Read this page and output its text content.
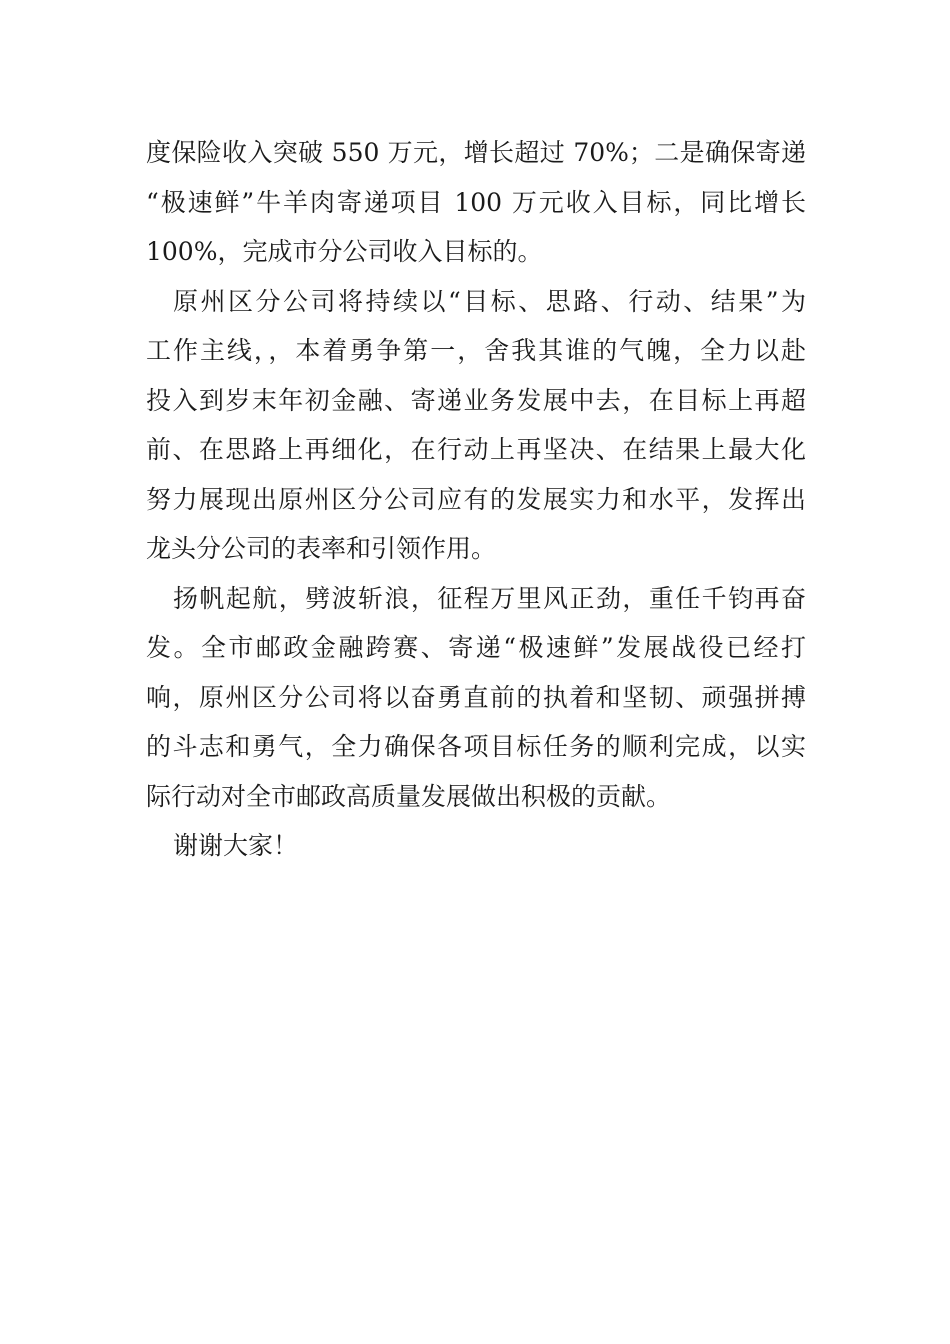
度保险收入突破 550 万元，增长超过 70%；二是确保寄递
“极速鲜”牛羊肉寄递项目 100 万元收入目标，同比增长
100%，完成市分公司收入目标的。
原州区分公司将持续以“目标、思路、行动、结果”为
工作主线，，本着勇争第一，舍我其谁的气魄，全力以赴
投入到岁末年初金融、寄递业务发展中去，在目标上再超
前、在思路上再细化，在行动上再坚决、在结果上最大化
努力展现出原州区分公司应有的发展实力和水平，发挥出
龙头分公司的表率和引领作用。
扬帆起航，劈波斩浪，征程万里风正劲，重任千钧再奋
发。全市邮政金融跨赛、寄递“极速鲜”发展战役已经打
响，原州区分公司将以奋勇直前的执着和坚韧、顽强拼搏
的斗志和勇气，全力确保各项目标任务的顺利完成，以实
际行动对全市邮政高质量发展做出积极的贡献。
谢谢大家！
